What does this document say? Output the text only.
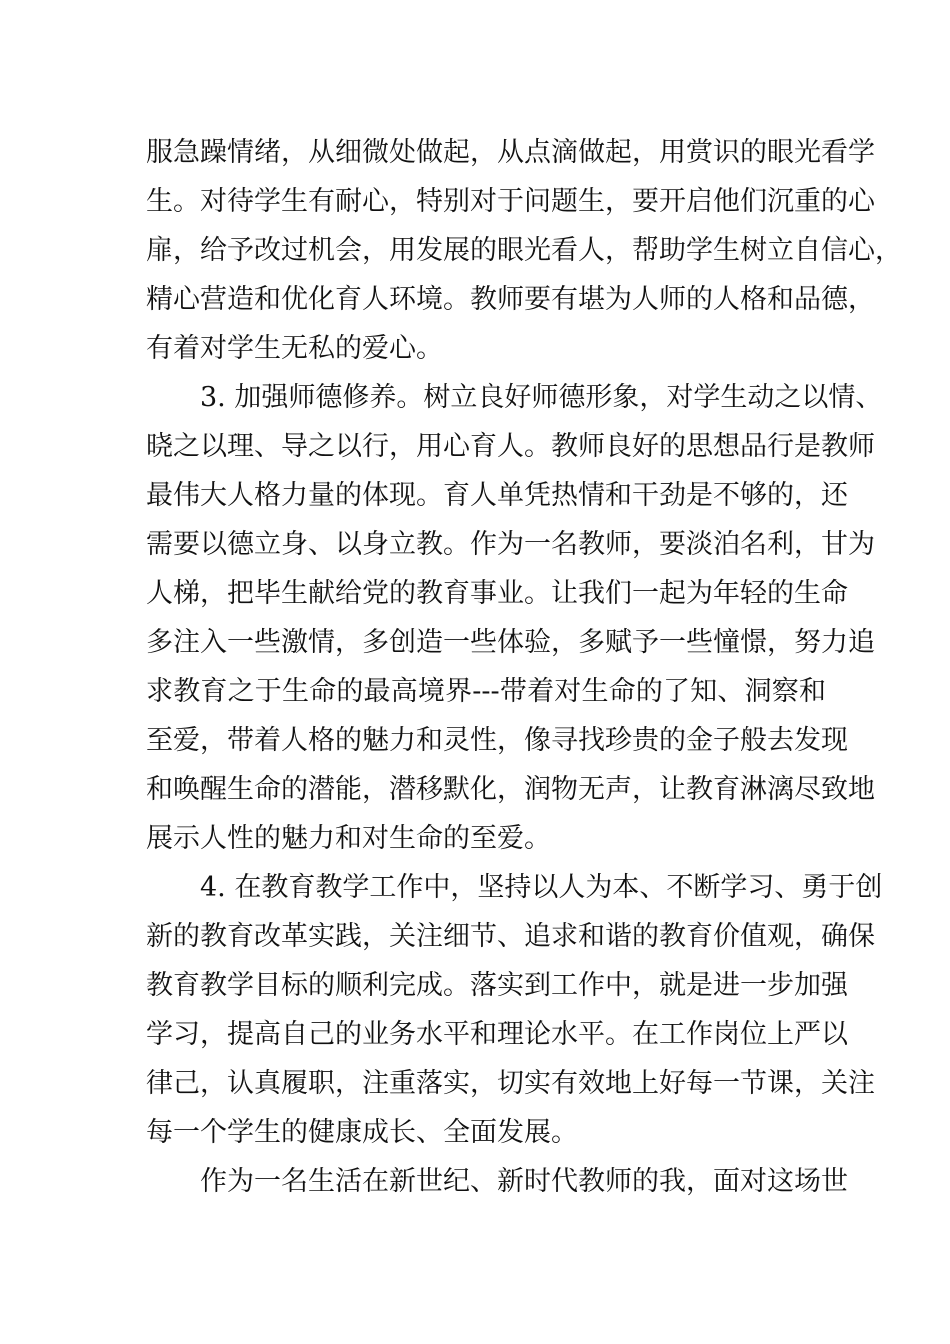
服急躁情绪，从细微处做起，从点滴做起，用赏识的眼光看学
生。对待学生有耐心，特别对于问题生，要开启他们沉重的心
扉，给予改过机会，用发展的眼光看人，帮助学生树立自信心，
精心营造和优化育人环境。教师要有堪为人师的人格和品德，
有着对学生无私的爱心。
3. 加强师德修养。树立良好师德形象，对学生动之以情、
晓之以理、导之以行，用心育人。教师良好的思想品行是教师
最伟大人格力量的体现。育人单凭热情和干劲是不够的，还
需要以德立身、以身立教。作为一名教师，要淡泊名利，甘为
人梯，把毕生献给党的教育事业。让我们一起为年轻的生命
多注入一些激情，多创造一些体验，多赋予一些憧憬，努力追
求教育之于生命的最高境界---带着对生命的了知、洞察和
至爱，带着人格的魅力和灵性，像寻找珍贵的金子般去发现
和唤醒生命的潜能，潜移默化，润物无声，让教育淋漓尽致地
展示人性的魅力和对生命的至爱。
4. 在教育教学工作中，坚持以人为本、不断学习、勇于创
新的教育改革实践，关注细节、追求和谐的教育价值观，确保
教育教学目标的顺利完成。落实到工作中，就是进一步加强
学习，提高自己的业务水平和理论水平。在工作岗位上严以
律己，认真履职，注重落实，切实有效地上好每一节课，关注
每一个学生的健康成长、全面发展。
作为一名生活在新世纪、新时代教师的我，面对这场世
